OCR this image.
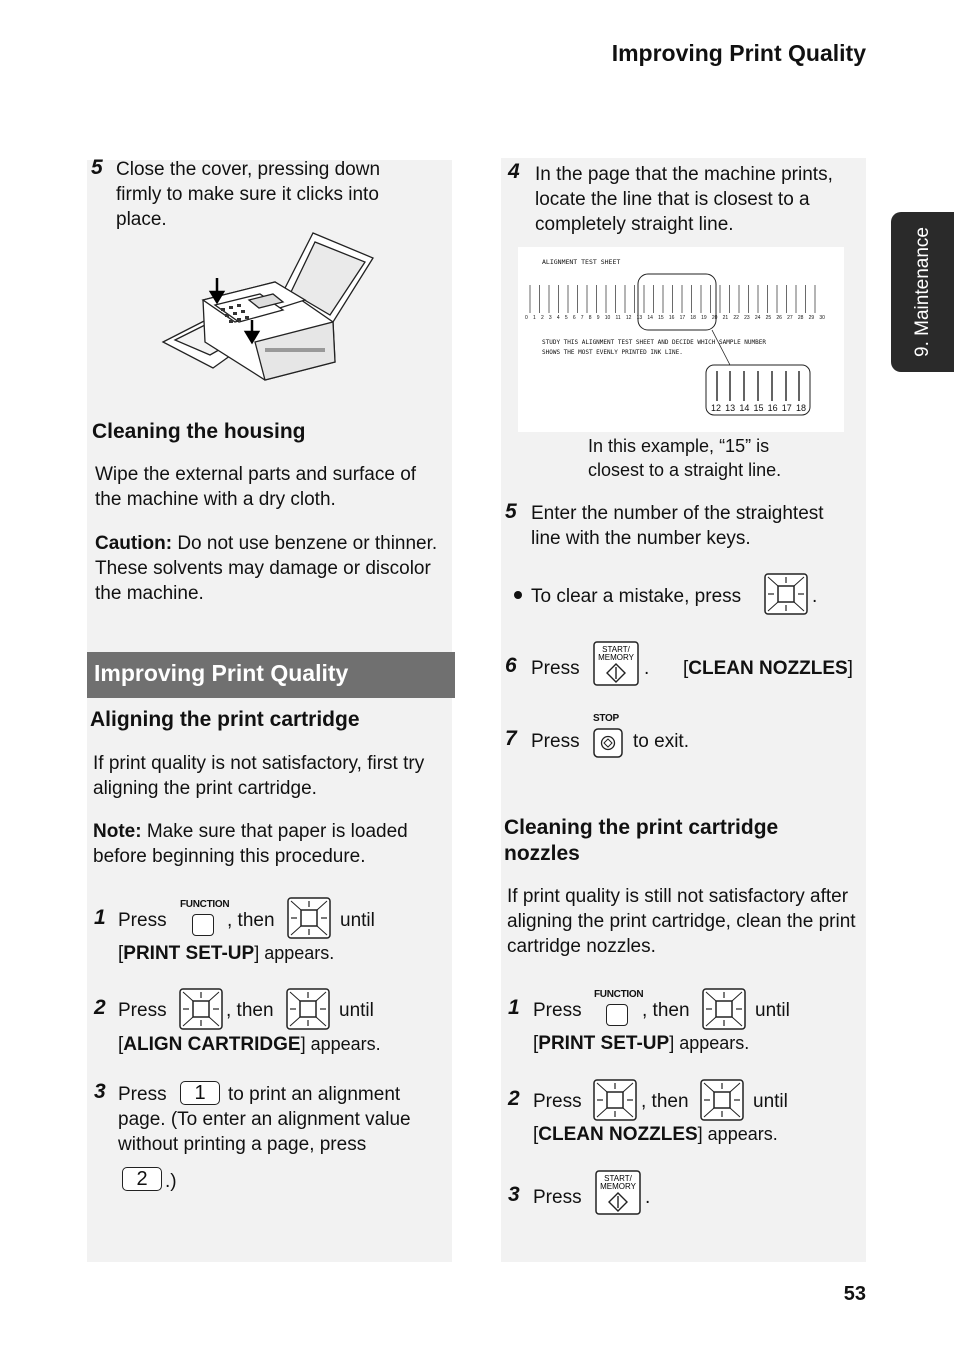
Improving Print Quality
9. Maintenance
53
5 Close the cover, pressing down firmly to make sure it clicks into place.
Cleaning the housing
Wipe the external parts and surface of the machine with a dry cloth.
Caution: Do not use benzene or thinner. These solvents may damage or discolor the machine.
Improving Print Quality
Aligning the print cartridge
If print quality is not satisfactory, first try aligning the print cartridge.
Note: Make sure that paper is loaded before beginning this procedure.
1 Press
FUNCTION
, then	until
[PRINT SET-UP] appears.
2 Press	, then	until
[ALIGN CARTRIDGE] appears.
3 Press	1	to print an alignment page. (To enter an alignment value without printing a page, press
2 .)
4 In the page that the machine prints, locate the line that is closest to a completely straight line.
ALIGNMENT TEST SHEET
0 1 2 3 4 5 6 7 8 9 10 11 12 13 14 15 16 17 18 19 20 21 22 23 24 25 26 27 28 29 30
STUDY THIS ALIGNMENT TEST SHEET AND DECIDE WHICH SAMPLE NUMBER
SHOWS THE MOST EVENLY PRINTED INK LINE.
12 13 14 15 16 17 18
In this example, “15” is closest to a straight line.
5 Enter the number of the straightest line with the number keys.
To clear a mistake, press	.
6 Press
START/
MEMORY
. [CLEAN NOZZLES]
7 Press
STOP
to exit.
Cleaning the print cartridge nozzles
If print quality is still not satisfactory after aligning the print cartridge, clean the print cartridge nozzles.
1 Press
FUNCTION
, then	until
[PRINT SET-UP] appears.
2 Press	, then	until
[CLEAN NOZZLES] appears.
3 Press
START/
MEMORY
.
